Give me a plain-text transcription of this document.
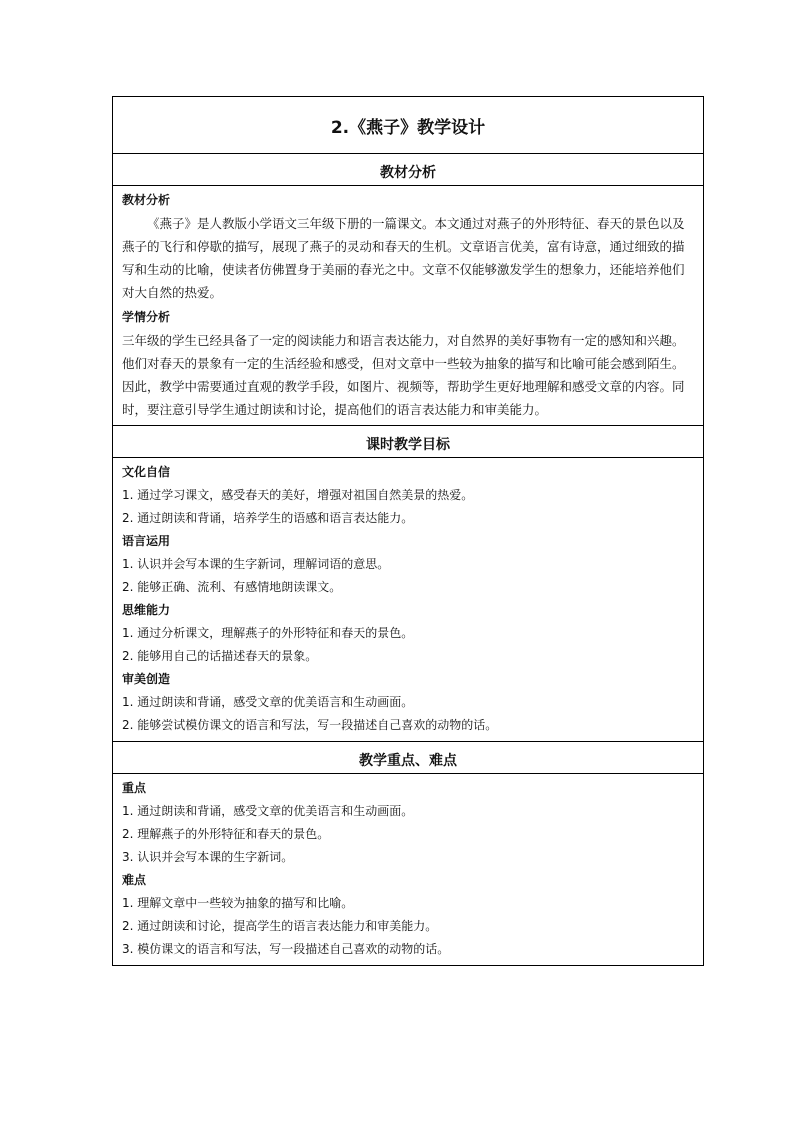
2.《燕子》教学设计
教材分析
教材分析
《燕子》是人教版小学语文三年级下册的一篇课文。本文通过对燕子的外形特征、春天的景色以及燕子的飞行和停歇的描写，展现了燕子的灵动和春天的生机。文章语言优美，富有诗意，通过细致的描写和生动的比喻，使读者仿佛置身于美丽的春光之中。文章不仅能够激发学生的想象力，还能培养他们对大自然的热爱。
学情分析
三年级的学生已经具备了一定的阅读能力和语言表达能力，对自然界的美好事物有一定的感知和兴趣。他们对春天的景象有一定的生活经验和感受，但对文章中一些较为抽象的描写和比喻可能会感到陌生。因此，教学中需要通过直观的教学手段，如图片、视频等，帮助学生更好地理解和感受文章的内容。同时，要注意引导学生通过朗读和讨论，提高他们的语言表达能力和审美能力。
课时教学目标
文化自信
1. 通过学习课文，感受春天的美好，增强对祖国自然美景的热爱。
2. 通过朗读和背诵，培养学生的语感和语言表达能力。
语言运用
1. 认识并会写本课的生字新词，理解词语的意思。
2. 能够正确、流利、有感情地朗读课文。
思维能力
1. 通过分析课文，理解燕子的外形特征和春天的景色。
2. 能够用自己的话描述春天的景象。
审美创造
1. 通过朗读和背诵，感受文章的优美语言和生动画面。
2. 能够尝试模仿课文的语言和写法，写一段描述自己喜欢的动物的话。
教学重点、难点
重点
1. 通过朗读和背诵，感受文章的优美语言和生动画面。
2. 理解燕子的外形特征和春天的景色。
3. 认识并会写本课的生字新词。
难点
1. 理解文章中一些较为抽象的描写和比喻。
2. 通过朗读和讨论，提高学生的语言表达能力和审美能力。
3. 模仿课文的语言和写法，写一段描述自己喜欢的动物的话。
